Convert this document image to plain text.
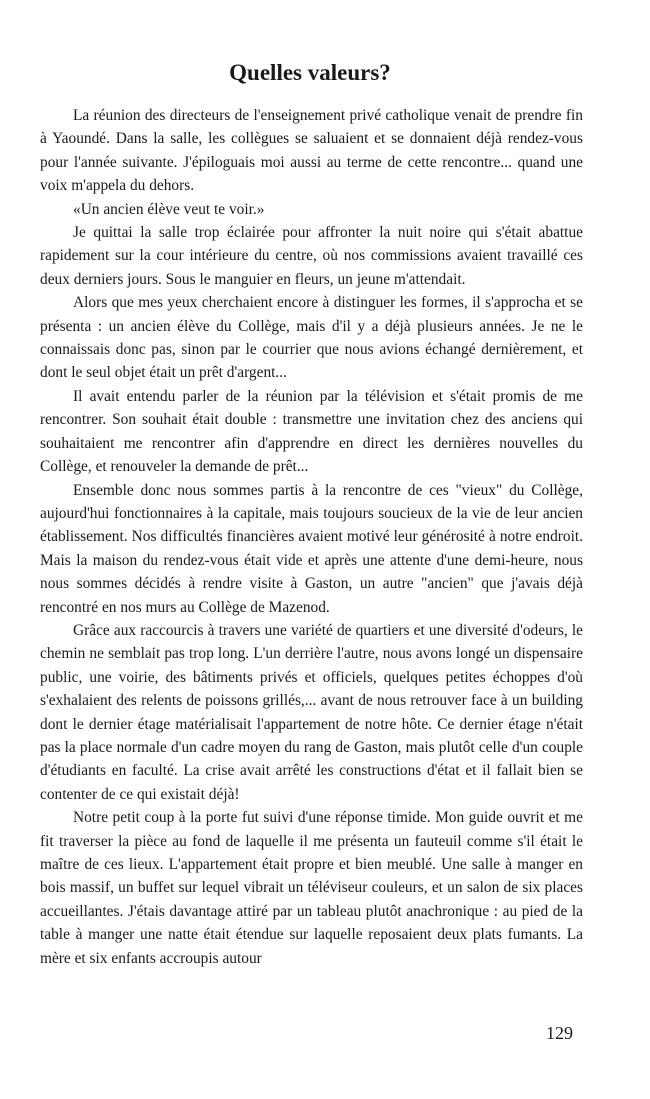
Quelles valeurs?

La réunion des directeurs de l'enseignement privé catholique venait de prendre fin à Yaoundé. Dans la salle, les collègues se saluaient et se donnaient déjà rendez-vous pour l'année suivante. J'épiloguais moi aussi au terme de cette rencontre... quand une voix m'appela du dehors.

«Un ancien élève veut te voir.»

Je quittai la salle trop éclairée pour affronter la nuit noire qui s'était abattue rapidement sur la cour intérieure du centre, où nos commissions avaient travaillé ces deux derniers jours. Sous le manguier en fleurs, un jeune m'attendait.

Alors que mes yeux cherchaient encore à distinguer les formes, il s'approcha et se présenta : un ancien élève du Collège, mais d'il y a déjà plusieurs années. Je ne le connaissais donc pas, sinon par le courrier que nous avions échangé dernièrement, et dont le seul objet était un prêt d'argent...

Il avait entendu parler de la réunion par la télévision et s'était promis de me rencontrer. Son souhait était double : transmettre une invitation chez des anciens qui souhaitaient me rencontrer afin d'apprendre en direct les dernières nouvelles du Collège, et renouveler la demande de prêt...

Ensemble donc nous sommes partis à la rencontre de ces "vieux" du Collège, aujourd'hui fonctionnaires à la capitale, mais toujours soucieux de la vie de leur ancien établissement. Nos difficultés financières avaient motivé leur générosité à notre endroit. Mais la maison du rendez-vous était vide et après une attente d'une demi-heure, nous nous sommes décidés à rendre visite à Gaston, un autre "ancien" que j'avais déjà rencontré en nos murs au Collège de Mazenod.

Grâce aux raccourcis à travers une variété de quartiers et une diversité d'odeurs, le chemin ne semblait pas trop long. L'un derrière l'autre, nous avons longé un dispensaire public, une voirie, des bâtiments privés et officiels, quelques petites échoppes d'où s'exhalaient des relents de poissons grillés,... avant de nous retrouver face à un building dont le dernier étage matérialisait l'appartement de notre hôte. Ce dernier étage n'était pas la place normale d'un cadre moyen du rang de Gaston, mais plutôt celle d'un couple d'étudiants en faculté. La crise avait arrêté les constructions d'état et il fallait bien se contenter de ce qui existait déjà!

Notre petit coup à la porte fut suivi d'une réponse timide. Mon guide ouvrit et me fit traverser la pièce au fond de laquelle il me présenta un fauteuil comme s'il était le maître de ces lieux. L'appartement était propre et bien meublé. Une salle à manger en bois massif, un buffet sur lequel vibrait un téléviseur couleurs, et un salon de six places accueillantes. J'étais davantage attiré par un tableau plutôt anachronique : au pied de la table à manger une natte était étendue sur laquelle reposaient deux plats fumants. La mère et six enfants accroupis autour

129
